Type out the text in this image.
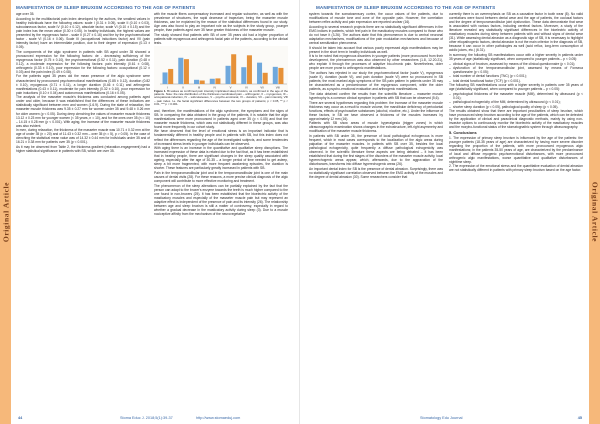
Original Article
MANIFESTATION OF SLEEP BRUXISM ACCORDING TO THE AGE OF PATIENTS

age over 35.

According to the multifactorial pain index developed by the authors, the smallest values in healthy individuals have the following values: scale I (0.31 ± 0.05), scale II (0.10 ± 0.03), subcutaneous factor, scale IV (0.10 ± 0.12), absolute factor, scale VI (0.10 ± 0.15) and the pain index has the mean value (0.30 ± 0.05). In healthy individuals, the highest values are presented by the myogenous factor - scale II (0.27 ± 0.16) and the by the psychoemotional factor - scale VI (0.16 ± 0.06). Scale III (occupational inductions factor) and VII (pain intensity factor) have an intermediate position, due to their degree of expression (0.13 ± 0.05).

The components of the algic syndrome in patients with SB aged under 35 showed a pronounced expression for the following factors: de - decreasing sufficiency of the myogenous factor (0.75 ± 0.10), the psychoemotional (0.52 ± 0.11), pain duration (0.48 ± 0.12), a moderate expression for the following factors: pain intensity (0.61 ± 0.08), arthrogenic (0.33 ± 0.10), poor expression for the following factors: occupational (0.12 ± 0.03) and the pain index (0.49 ± 0.08).

For the patients aged 35 years old the mean presence of the algic syndrome were characterized by pronounced psychoemotional manifestations (0.85 ± 0.12), duration (0.82 ± 0.10), myogenous (0.71 ± 0.11), a longer duration (0.46 ± 0.11) and arthrogenic manifestations (0.43 ± 0.11), moderate for pain intensity (0.32 ± 0.10), poor expression for pain inductions (0.10 ± 0.04) and autonomous manifestations (0.16 ± 0.05).

The analysis of the masseter muscle's thickness was conducted among patients aged under and older, because it was established that the differences of these indicators are statistically significant between men and women (1.6.9). During the state of relaxation, the masseter muscle thickness was 9.35 ± 0.27 mm for women under 35 and 9.48 ± 0.26 mm for older women (p < 0.05). During deep clenching the values of masseter muscle thickness 13.12 ± 0.23 mm for younger women (< 35 years, n = 10), and for the ones over 35 (n = 10) – 14.15 ± 0.28 mm (p < 0.001). With aging, the increase of the masseter muscle thickness was also evident.

In men, during relaxation, the thickness of the masseter muscle was 10.71 ± 0.32 mm at the age of under 35 (n = 20) and of 11.43 ± 0.32 mm – over 35 (n = 5), p > 0.05). In the case of clenching the statistical mean value was of 14.32 ± 0.44 mm for individuals under 35 and of 16.21 ± 0.38 mm for patients over 35 (p < 0.001).

As it may be observed from Table 2, the thickness gradient (relaxation-engagement) had a higher statistical significance in patients with SB, which are over 35.

with the muscle fibers compensatory increased and regular subcortex, as well as with the prevalence of structures, the rapid decrease of trapezium, being the masseter muscle thickness, can be explained by the reason of the statistical differences found in our study. Age was also found to play an important role as the subjects in the study group, younger people, than patients aged over 35 have greater thickness of the masseter muscle.

The study showed that patients with SB of over 35 years old had a higher proportion of patients with myogenous and arthrogenic facial pain of the patients, according to the clinical tests.

I	II	III	IV	V	VI	VII	VIII
Figure 1. Bi-values as confirmed pain intensity implicated sleep bruxism, as confirmed in the age of the patients. Note: the rate distribution of the thickness coordinated pain – arthrogenic, II – myogenous, III – occupational-induction, IV – subcutaneous, V – psycho-emotional, VI – duration, VII – pain intensity, VIII – pain index. I.e. the facial significant differences between the two groups of patients; p < 0.05, ** p < 0.01, *** p < 0.001.

and, therefore, the manifestations of the algic syndrome, the symptoms and the signs of SB. In comparing the data obtained in the group of the patients, it is notable that the algic manifestations were more pronounced in patients aged over 35 (p < 0.05) and that the masseter muscle thickness, which was not statistically different in these groups, was also found more frequently in our cohort study.

We have observed that the level of emotional stress is an important indicator that is fundamentally different in healthy people and in patients with SB, but this index does not reflect the differences regarding the age of the investigated subjects, and some tendencies of increased stress levels in younger individuals can be observed.

With aging there is an increase in the quantitative and qualitative sleep disruptions. The increased expression of these data is related due to the fact that, as it has been established that in healthy people, there are significant changes in the sleep quality associated with ageing, especially after the age of 30-35 – a longer period of time needed to get asleep, sleep a bit more fragmented, with more frequent awakening episodes, the duration is shorter. These features are particularly greatly increased in patients with SB.

Pain in the temporomandibular joint and in the temporomandibular joint is one of the main causes of dental visits (28). For these reasons, a more precise clinical diagnosis of the algic component will contribute to more effective monitoring and treatment.

The phenomenon of the sleep alterations can be partially explained by the fact that the person can adapt to the bruxer's enzyme towards the teeth is much higher compared to the one found in non-bruxers (25). It has been established that the bioelectric activity of the masticatory muscles and especially of the masseter muscle pain but may represent an adaptive effect is independent of the presence of pain and its intensity (26). The relationship between age and sleep bruxism is still a matter of controversy, especially in regard to whether a gradual decrease in the masticatory activity during sleep (3). Due to a muscle nociceptive affinity from the mechanism of the neurovegetative

44	Stoma Educ J. 2018;5(1):39-37	http://www.stomaeduj.com
Original Article
MANIFESTATION OF SLEEP BRUXISM ACCORDING TO THE AGE OF PATIENTS

system towards the somatosensory cortex, the occur values of the patients, due to modifications of muscle tone and zone of the opposite pain. However, the correlation between reflex activity and pain expression are reported unclear (16).

According to several research projects there are no statistically significant differences in the EMG indices in patients, which feel pain in the masticatory muscles compared to those who do not have it (3.26). The authors state that this phenomenon is due to central neuronal adaptation mechanisms, modifications of the pain modulation mechanisms and because of central sensitization phenomena.

It should be taken into account that various poorly expressed algic manifestations may be present in the short term in healthy individuals as well.

It is to be noted that myogenous disorders in younger patients (more pronounced from their development, the phenomenon was also observed by other researchers (1.8, 12.20.21), who explain it through the processes of adaptive bio-chronic pain. Nevertheless, older people are more prone to arthrogenic manifestations.

The authors has rejected in our study the psychoemotional factor (scale V), myogenous (scale II), duration (scale VI), and pain duration (scale VI) were so pronounced in SB patients; the most marked algic symptoms of the SB pain pattern in patients under 35 may be characterized as a predominance of the myogenous component, while the older patients, as a psycho-emotional evaluation and arthrogenic manifestations.

The data obtained confirm the results from the scientific literature – masseter muscle hypertrophy is a common clinical symptom in patients with SB that can be observed (5,6).

There are several hypotheses regarding this problem: the increase of the masseter muscle thickness may occur as a result to muscle volume, the mandibular deficiency of periodontal functions, effects of psychoactive substances (alcohol, nicotine, etc.). Under the influence of these factors, in SB we have observed a thickness of the muscles increases by approximately 12 mm (16).

Patients with SB show areas of muscle hyperalgesia (trigger zones) in which ultrasonographic examination shows changes in the echostructure, left-right asymmetry and modification of the masseter muscle thickness.

In patients with SB under 35, the presence of local pathological echogenous is more frequent, which in most cases corresponds to the localization of the algic areas during palpation of the masseter muscles. In patients with SB over 35, besides the local pathological echogenicity, quite frequently a diffuse pathological echogenicity was observed. In the scientific literature these aspects are being debated – it has been established that during the first stages of the disorders of the masseter muscle activity, local hyperechogenic areas appear, which, afterwards, due to the aggravation of the disturbances, transforms into diffuse hyperechogenic areas (26).

An important dental index for SB is the presence of dental abrasion. Surprisingly, there was no statistically significant correlation observed between the EMG activity of the muscles and the degree of dental abrasion (30). Some researchers consider that

currently there is an overemphasis on SB as a causative factor in tooth wear (8). No valid correlations were found between dental wear and the age of patients, the occlusal factors and the degree of temporomandibular joint dysfunction. These data demonstrate that wear is associated with various factors, including cerebral factors. Moreover, a study of the literature revealed any statistically significant differences in the bioelectric activity of masticatory muscles during sleep between patients with and without signs of dental wear (31). While assessing dental abrasion as a diagnostic sign of SB, it is necessary to highlight other etiopathogenic factors, dental abrasion is not the main criterion in the diagnosis of SB, because it can occur in other pathologies as well (acid reflux, long-term consumption of acidic juices, etc.) (6.31).

In summary, the following SB manifestations occur with a higher severity in patients under 35 years of age (statistically significant, when compared to younger patients – p < 0.05):

– clinical signs of bruxism, assessed by means of the clinical questionnaire (p < 0.01);
– dysfunction of the temporomandibular joint, assessed by means of Fonseca questionnaire (p < 0.05);
– total number of dental functions (TNC) (p < 0.001);
– total dental functional factor (TCF) (p < 0.001).

The following SB manifestations occur with a higher severity in patients over 35 years of age (statistically significant, when compared to younger patients – p < 0.05):

– psychological thickness of the masseter muscle (MM), determined by ultrasound (p < 0.01);
– pathological echogenicity of the MM, determined by ultrasound (p < 0.01);
– shorter sleep duration (p < 0.05), pathological quality of sleep (p < 0.05).

The results obtained show that there are important peculiarities of sleep bruxism, which have pronounced sleep bruxism according to the age of the patients, which can be detected by the application of clinical and paraclinical diagnostic methods, mainly by using non-invasive options to continuously monitor the bioelectric activity of the masticatory muscles and the morpho-functional status of the stomatognathic system through ultrasonography.

5. Conclusions

1. The expression of primary sleep bruxism is influenced by the age of the patients: the younger patients (18-35 years of age) are characterized by having more severe disorder regarding the proportion of the patients, with more pronounced myogenous algic manifestations; in the patients 35-50 years of age, are characterized by the predominance of local and diffuse myogenic psychoemotional disturbances, with more pronounced arthrogenic algic manifestations, worse quantitative and qualitative disturbances of nighttime sleep.

2. The expression of the emotional stress and the quantitative evaluation of dental abrasion are not statistically different in patients with primary sleep bruxism based on the age factor.

Stomatology Edu Journal	45
